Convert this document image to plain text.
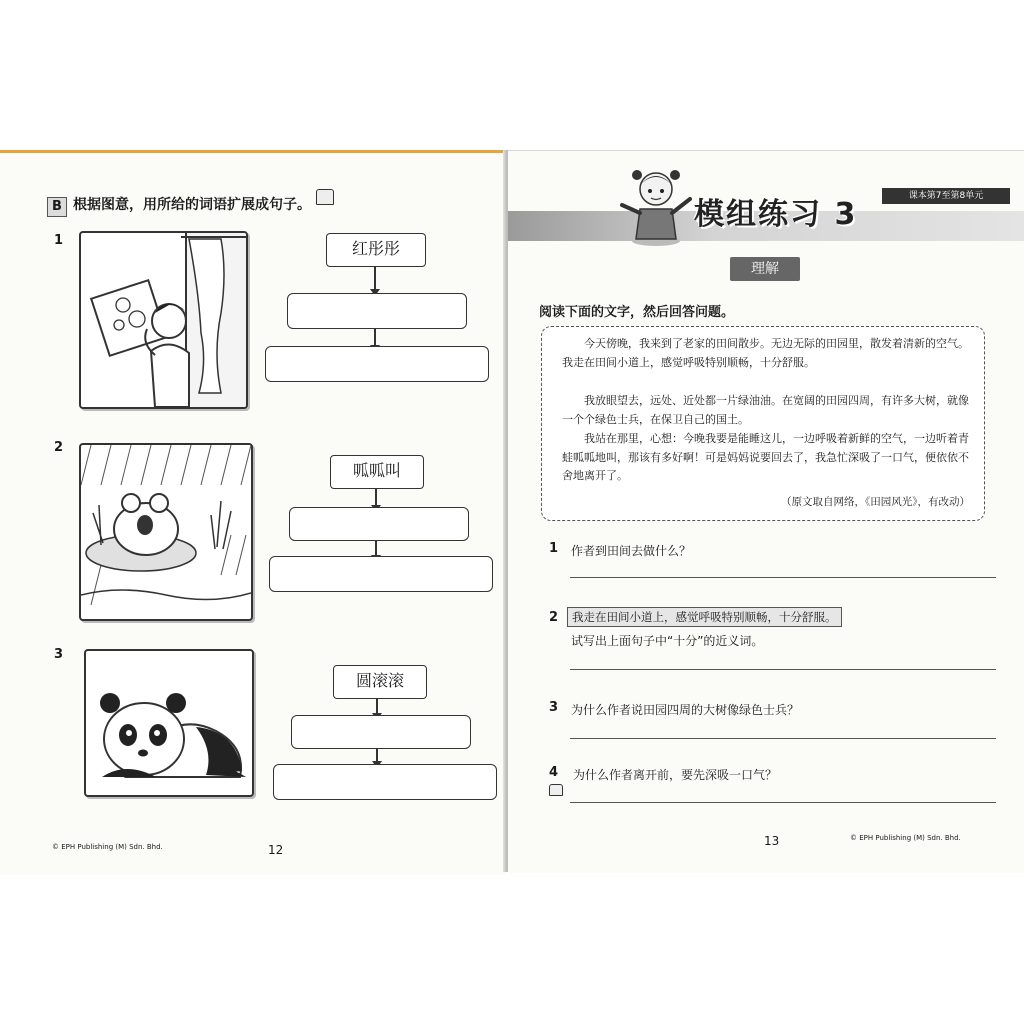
B 根据图意，用所给的词语扩展成句子。
1	红彤彤
2
呱呱叫
3
圆滚滚
© EPH Publishing (M) Sdn. Bhd.	12
模组练习 3
课本第7至第8单元
理解
阅读下面的文字，然后回答问题。

今天傍晚，我来到了老家的田间散步。无边无际的田园里，散发着清新的空气。我走在田间小道上，感觉呼吸特别顺畅，十分舒服。

我放眼望去，远处、近处都一片绿油油。在宽阔的田园四周，有许多大树，就像一个个绿色士兵，在保卫自己的国土。

我站在那里，心想：今晚我要是能睡这儿，一边呼吸着新鲜的空气，一边听着青蛙呱呱地叫，那该有多好啊！可是妈妈说要回去了，我急忙深吸了一口气，便依依不舍地离开了。

（原文取自网络，《田园风光》，有改动）
1 作者到田间去做什么？
2	我走在田间小道上，感觉呼吸特别顺畅，十分舒服。
试写出上面句子中“十分”的近义词。
3 为什么作者说田园四周的大树像绿色士兵？
4 为什么作者离开前，要先深吸一口气？
13	© EPH Publishing (M) Sdn. Bhd.
